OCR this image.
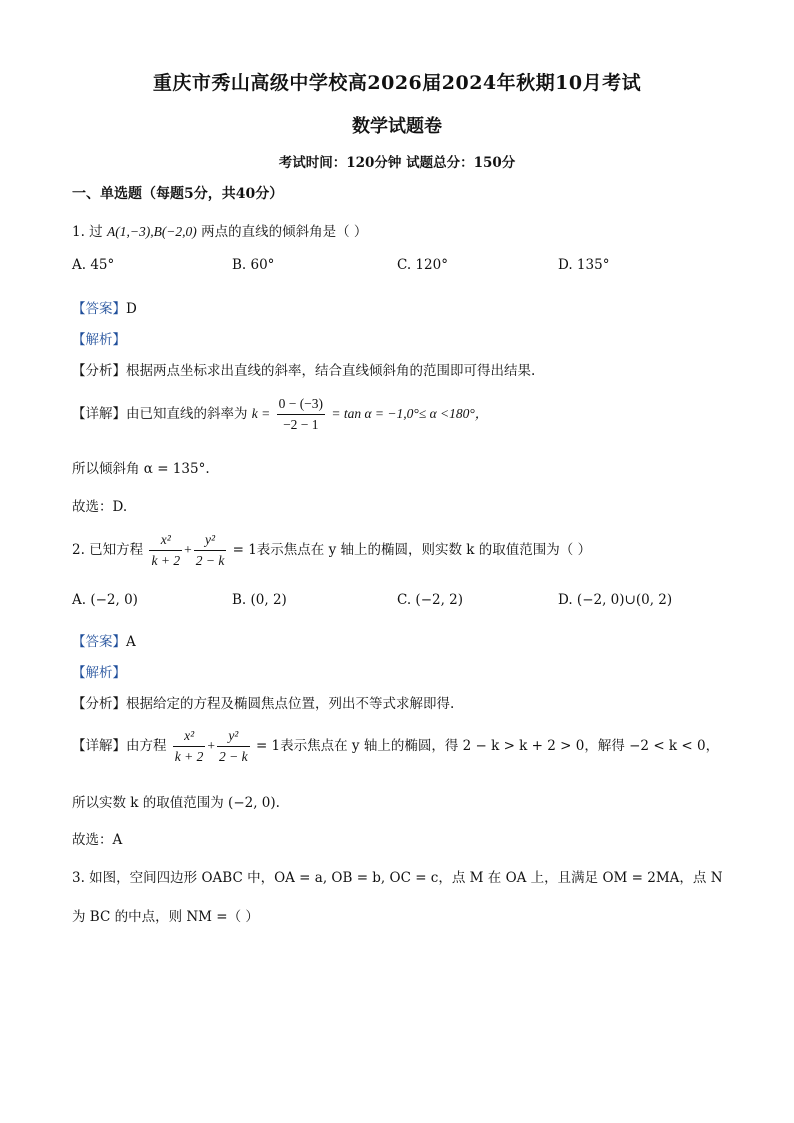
重庆市秀山高级中学校高2026届2024年秋期10月考试
数学试题卷
考试时间：120分钟 试题总分：150分
一、单选题（每题5分，共40分）
1. 过 A(1,−3),B(−2,0) 两点的直线的倾斜角是（ ）
A. 45°	B. 60°	C. 120°	D. 135°
【答案】D
【解析】
【分析】根据两点坐标求出直线的斜率，结合直线倾斜角的范围即可得出结果.
【详解】由已知直线的斜率为 $k = \frac{0 - (-3)}{-2 - 1} = \tan \alpha = -1,0^\circ\le \alpha <180^\circ$，
所以倾斜角 α = 135°.
故选：D.
2. 已知方程 $\frac{\text{x²}}{k + 2} + \frac{\text{y²}}{2 - k} = 1$表示焦点在 y 轴上的椭圆，则实数 k 的取值范围为（ ）
A. (−2, 0)	B. (0, 2)	C. (−2, 2)	D. (−2, 0)∪(0, 2)
【答案】A
【解析】
【分析】根据给定的方程及椭圆焦点位置，列出不等式求解即得.
【详解】由方程 $\frac{\text{x²}}{k + 2} + \frac{\text{y²}}{2 - k} = 1$表示焦点在 y 轴上的椭圆，得 2 − k > k + 2 > 0，解得 −2 < k < 0，
所以实数 k 的取值范围为 (−2, 0).
故选：A
3. 如图，空间四边形 OABC 中，OA = a, OB = b, OC = c，点 M 在 OA 上，且满足 OM = 2MA，点 N
为 BC 的中点，则 NM =（ ）
